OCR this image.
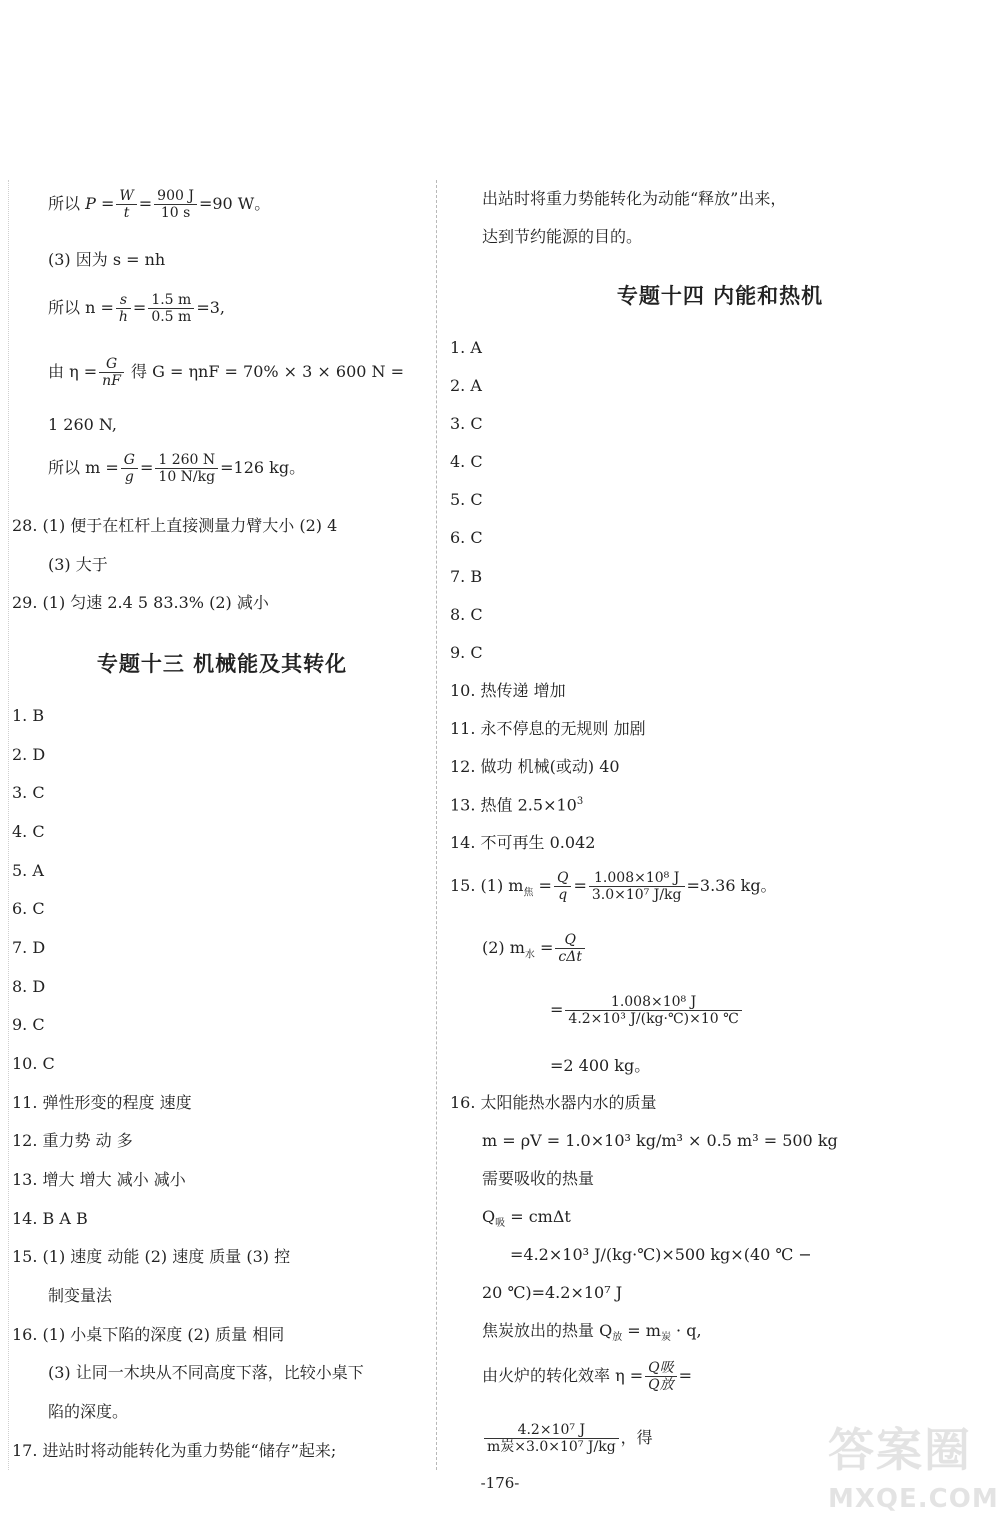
所以 $P = \frac{W}{t} = \frac{900 J}{10 s} =90$ W。
(3) 因为 s = nh
所以 $n = \frac{s}{h} = \frac{1.5 m}{0.5 m} =3$,
由 $\eta = \frac{G}{nF}$ 得 G = ηnF = 70% × 3 × 600 N =
1 260 N,
所以 $m = \frac{G}{g} = \frac{1 260 N}{10 N/kg} =126$ kg。
28. (1) 便于在杠杆上直接测量力臂大小 (2) 4
(3) 大于
29. (1) 匀速 2.4 5 83.3% (2) 减小
专题十三 机械能及其转化
1. B
2. D
3. C
4. C
5. A
6. C
7. D
8. D
9. C
10. C
11. 弹性形变的程度 速度
12. 重力势 动 多
13. 增大 增大 减小 减小
14. B A B
15. (1) 速度 动能 (2) 速度 质量 (3) 控
制变量法
16. (1) 小桌下陷的深度 (2) 质量 相同
(3) 让同一木块从不同高度下落，比较小桌下
陷的深度。
17. 进站时将动能转化为重力势能“储存”起来;
出站时将重力势能转化为动能“释放”出来，
达到节约能源的目的。
专题十四 内能和热机
1. A
2. A
3. C
4. C
5. C
6. C
7. B
8. C
9. C
10. 热传递 增加
11. 永不停息的无规则 加剧
12. 做功 机械(或动) 40
13. 热值 $2.5\times 10^3$
14. 不可再生 0.042
15. (1) $m_焦 = \frac{Q}{q} = \frac{\text{1.008×10⁸ J}}{\text{3.0×10⁷ J/kg}} =3.36$ kg。
(2) $m_水 = \frac{Q}{\text{cΔt}}$
= $\frac{\text{1.008×10⁸ J}}{\text{4.2×10³ J/(kg·℃)×10 ℃}}$
=2 400 kg。
16. 太阳能热水器内水的质量
m = ρV = 1.0×10³ kg/m³ × 0.5 m³ = 500 kg
需要吸收的热量
$Q_吸 = cm\Delta t$
=4.2×10³ J/(kg·℃)×500 kg×(40 ℃ −
20 ℃)=4.2×10⁷ J
焦炭放出的热量 $Q_放 = m_炭 \cdot q$,
由火炉的转化效率 $\eta = \frac{\text{Q吸}}{\text{Q放}}$ =
$\frac{\text{4.2×10⁷ J}}{\text{m炭×3.0×10⁷ J/kg}}$ ，得
-176-
答案圈
MXQE.COM
